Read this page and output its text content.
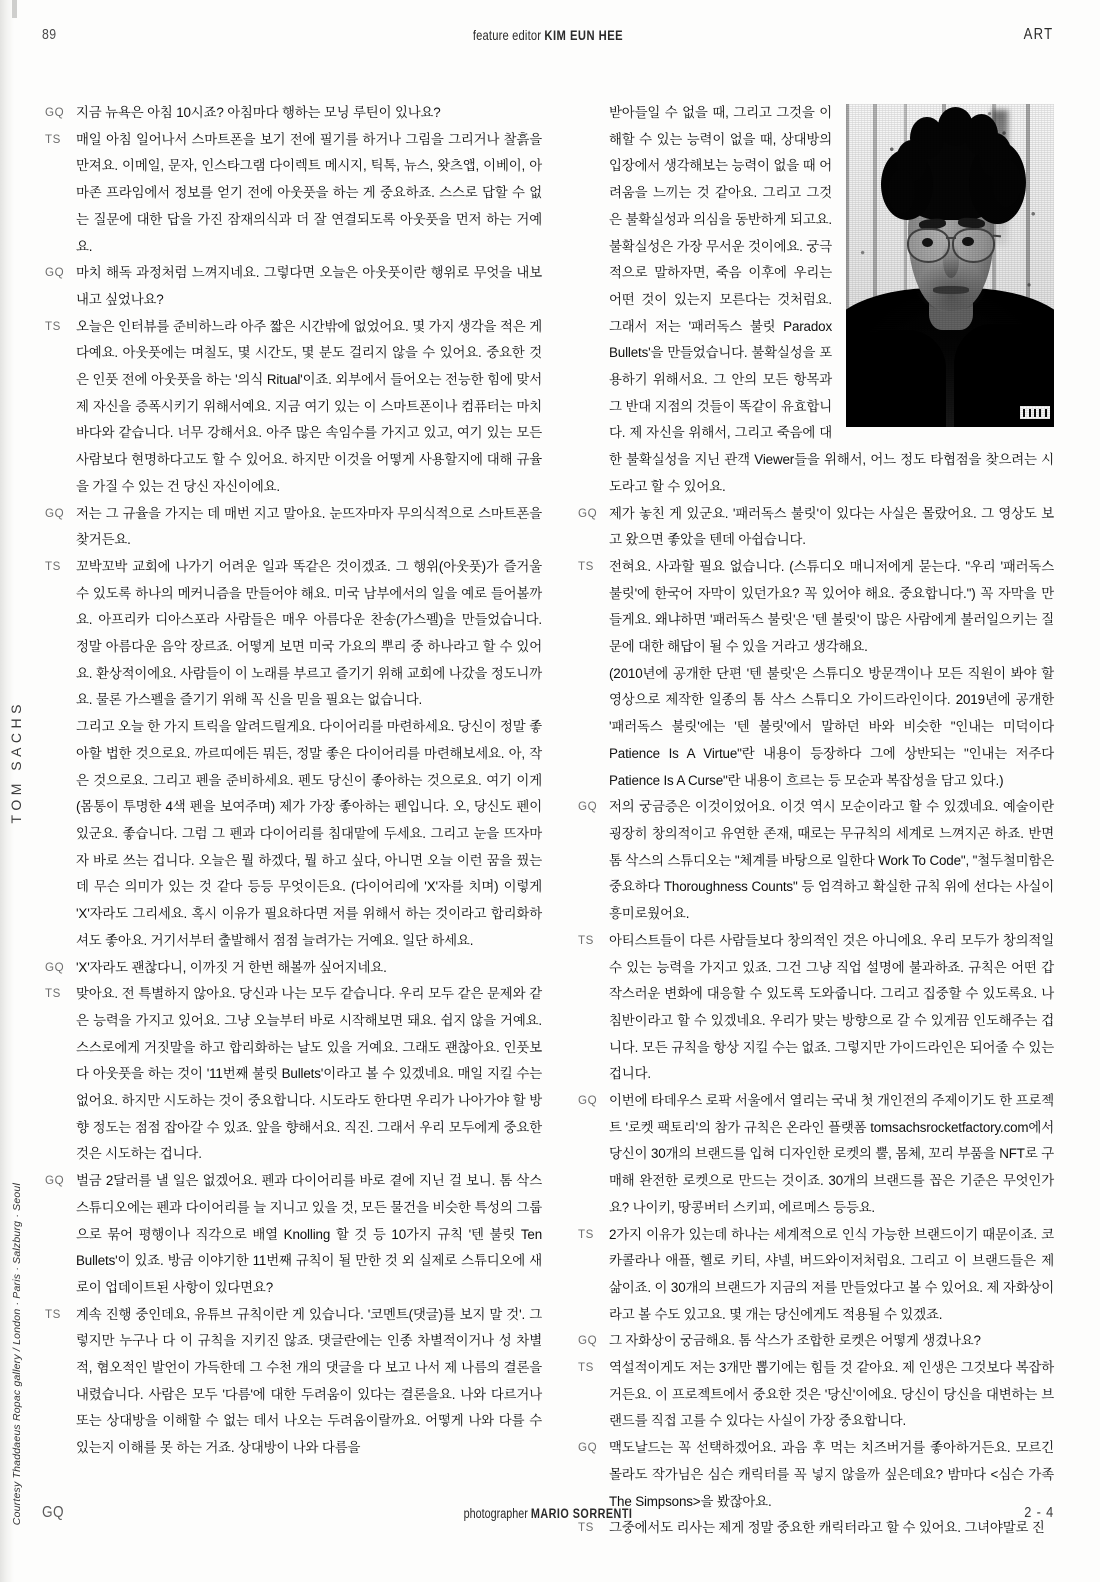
89	feature editor KIM EUN HEE	ART
TOM SACHS
Courtesy Thaddaeus Ropac gallery / London · Paris · Salzburg · Seoul
GQ 지금 뉴욕은 아침 10시죠? 아침마다 행하는 모닝 루틴이 있나요?
TS	매일 아침 일어나서 스마트폰을 보기 전에 필기를 하거나 그림을 그리거나 찰흙을 만져요. 이메일, 문자, 인스타그램 다이렉트 메시지, 틱톡, 뉴스, 왓츠앱, 이베이, 아마존 프라임에서 정보를 얻기 전에 아웃풋을 하는 게 중요하죠. 스스로 답할 수 없는 질문에 대한 답을 가진 잠재의식과 더 잘 연결되도록 아웃풋을 먼저 하는 거예요.
GQ 마치 해독 과정처럼 느껴지네요. 그렇다면 오늘은 아웃풋이란 행위로 무엇을 내보내고 싶었나요?
TS	오늘은 인터뷰를 준비하느라 아주 짧은 시간밖에 없었어요. 몇 가지 생각을 적은 게 다예요. 아웃풋에는 며칠도, 몇 시간도, 몇 분도 걸리지 않을 수 있어요. 중요한 것은 인풋 전에 아웃풋을 하는 '의식 Ritual'이죠. 외부에서 들어오는 전능한 힘에 맞서 제 자신을 증폭시키기 위해서예요. 지금 여기 있는 이 스마트폰이나 컴퓨터는 마치 바다와 같습니다. 너무 강해서요. 아주 많은 속임수를 가지고 있고, 여기 있는 모든 사람보다 현명하다고도 할 수 있어요. 하지만 이것을 어떻게 사용할지에 대해 규율을 가질 수 있는 건 당신 자신이에요.
GQ 저는 그 규율을 가지는 데 매번 지고 말아요. 눈뜨자마자 무의식적으로 스마트폰을 찾거든요.
TS	꼬박꼬박 교회에 나가기 어려운 일과 똑같은 것이겠죠. 그 행위(아웃풋)가 즐거울 수 있도록 하나의 메커니즘을 만들어야 해요. 미국 남부에서의 일을 예로 들어볼까요. 아프리카 디아스포라 사람들은 매우 아름다운 찬송(가스펠)을 만들었습니다. 정말 아름다운 음악 장르죠. 어떻게 보면 미국 가요의 뿌리 중 하나라고 할 수 있어요. 환상적이에요. 사람들이 이 노래를 부르고 즐기기 위해 교회에 나갔을 정도니까요. 물론 가스펠을 즐기기 위해 꼭 신을 믿을 필요는 없습니다.
그리고 오늘 한 가지 트릭을 알려드릴게요. 다이어리를 마련하세요. 당신이 정말 좋아할 법한 것으로요. 까르띠에든 뭐든, 정말 좋은 다이어리를 마련해보세요. 아, 작은 것으로요. 그리고 펜을 준비하세요. 펜도 당신이 좋아하는 것으로요. 여기 이게 (몸통이 투명한 4색 펜을 보여주며) 제가 가장 좋아하는 펜입니다. 오, 당신도 펜이 있군요. 좋습니다. 그럼 그 펜과 다이어리를 침대맡에 두세요. 그리고 눈을 뜨자마자 바로 쓰는 겁니다. 오늘은 뭘 하겠다, 뭘 하고 싶다, 아니면 오늘 이런 꿈을 꿨는데 무슨 의미가 있는 것 같다 등등 무엇이든요. (다이어리에 'X'자를 치며) 이렇게 'X'자라도 그리세요. 혹시 이유가 필요하다면 저를 위해서 하는 것이라고 합리화하셔도 좋아요. 거기서부터 출발해서 점점 늘려가는 거예요. 일단 하세요.
GQ 'X'자라도 괜찮다니, 이까짓 거 한번 해볼까 싶어지네요.
TS	맞아요. 전 특별하지 않아요. 당신과 나는 모두 같습니다. 우리 모두 같은 문제와 같은 능력을 가지고 있어요. 그냥 오늘부터 바로 시작해보면 돼요. 쉽지 않을 거예요. 스스로에게 거짓말을 하고 합리화하는 날도 있을 거예요. 그래도 괜찮아요. 인풋보다 아웃풋을 하는 것이 '11번째 불릿 Bullets'이라고 볼 수 있겠네요. 매일 지킬 수는 없어요. 하지만 시도하는 것이 중요합니다. 시도라도 한다면 우리가 나아가야 할 방향 정도는 점점 잡아갈 수 있죠. 앞을 향해서요. 직진. 그래서 우리 모두에게 중요한 것은 시도하는 겁니다.
GQ 벌금 2달러를 낼 일은 없겠어요. 펜과 다이어리를 바로 곁에 지닌 걸 보니. 톰 삭스 스튜디오에는 펜과 다이어리를 늘 지니고 있을 것, 모든 물건을 비슷한 특성의 그룹으로 묶어 평행이나 직각으로 배열 Knolling 할 것 등 10가지 규칙 '텐 불릿 Ten Bullets'이 있죠. 방금 이야기한 11번째 규칙이 될 만한 것 외 실제로 스튜디오에 새로이 업데이트된 사항이 있다면요?
TS	계속 진행 중인데요, 유튜브 규칙이란 게 있습니다. '코멘트(댓글)를 보지 말 것'. 그렇지만 누구나 다 이 규칙을 지키진 않죠. 댓글란에는 인종 차별적이거나 성 차별적, 혐오적인 발언이 가득한데 그 수천 개의 댓글을 다 보고 나서 제 나름의 결론을 내렸습니다. 사람은 모두 '다름'에 대한 두려움이 있다는 결론을요. 나와 다르거나 또는 상대방을 이해할 수 없는 데서 나오는 두려움이랄까요. 어떻게 나와 다를 수 있는지 이해를 못 하는 거죠. 상대방이 나와 다름을
받아들일 수 없을 때, 그리고 그것을 이해할 수 있는 능력이 없을 때, 상대방의 입장에서 생각해보는 능력이 없을 때 어려움을 느끼는 것 같아요. 그리고 그것은 불확실성과 의심을 동반하게 되고요. 불확실성은 가장 무서운 것이에요. 궁극적으로 말하자면, 죽음 이후에 우리는 어떤 것이 있는지 모른다는 것처럼요. 그래서 저는 '패러독스 불릿 Paradox Bullets'을 만들었습니다. 불확실성을 포용하기 위해서요. 그 안의 모든 항목과 그 반대 지점의 것들이 똑같이 유효합니다. 제 자신을 위해서, 그리고 죽음에 대한 불확실성을 지닌 관객 Viewer들을 위해서, 어느 정도 타협점을 찾으려는 시도라고 할 수 있어요.
GQ 제가 놓친 게 있군요. '패러독스 불릿'이 있다는 사실은 몰랐어요. 그 영상도 보고 왔으면 좋았을 텐데 아쉽습니다.
TS	전혀요. 사과할 필요 없습니다. (스튜디오 매니저에게 묻는다. "우리 '패러독스 불릿'에 한국어 자막이 있던가요? 꼭 있어야 해요. 중요합니다.") 꼭 자막을 만들게요. 왜냐하면 '패러독스 불릿'은 '텐 불릿'이 많은 사람에게 불러일으키는 질문에 대한 해답이 될 수 있을 거라고 생각해요.
(2010년에 공개한 단편 '텐 불릿'은 스튜디오 방문객이나 모든 직원이 봐야 할 영상으로 제작한 일종의 톰 삭스 스튜디오 가이드라인이다. 2019년에 공개한 '패러독스 불릿'에는 '텐 불릿'에서 말하던 바와 비슷한 "인내는 미덕이다 Patience Is A Virtue"란 내용이 등장하다 그에 상반되는 "인내는 저주다 Patience Is A Curse"란 내용이 흐르는 등 모순과 복잡성을 담고 있다.)
GQ 저의 궁금증은 이것이었어요. 이것 역시 모순이라고 할 수 있겠네요. 예술이란 굉장히 창의적이고 유연한 존재, 때로는 무규칙의 세계로 느껴지곤 하죠. 반면 톰 삭스의 스튜디오는 "체계를 바탕으로 일한다 Work To Code", "철두철미함은 중요하다 Thoroughness Counts" 등 엄격하고 확실한 규칙 위에 선다는 사실이 흥미로웠어요.
TS	아티스트들이 다른 사람들보다 창의적인 것은 아니에요. 우리 모두가 창의적일 수 있는 능력을 가지고 있죠. 그건 그냥 직업 설명에 불과하죠. 규칙은 어떤 갑작스러운 변화에 대응할 수 있도록 도와줍니다. 그리고 집중할 수 있도록요. 나침반이라고 할 수 있겠네요. 우리가 맞는 방향으로 갈 수 있게끔 인도해주는 겁니다. 모든 규칙을 항상 지킬 수는 없죠. 그렇지만 가이드라인은 되어줄 수 있는 겁니다.
GQ 이번에 타데우스 로팍 서울에서 열리는 국내 첫 개인전의 주제이기도 한 프로젝트 '로켓 팩토리'의 참가 규칙은 온라인 플랫폼 tomsachsrocketfactory.com에서 당신이 30개의 브랜드를 입혀 디자인한 로켓의 뿔, 몸체, 꼬리 부품을 NFT로 구매해 완전한 로켓으로 만드는 것이죠. 30개의 브랜드를 꼽은 기준은 무엇인가요? 나이키, 땅콩버터 스키피, 에르메스 등등요.
TS	2가지 이유가 있는데 하나는 세계적으로 인식 가능한 브랜드이기 때문이죠. 코카콜라나 애플, 헬로 키티, 샤넬, 버드와이저처럼요. 그리고 이 브랜드들은 제 삶이죠. 이 30개의 브랜드가 지금의 저를 만들었다고 볼 수 있어요. 제 자화상이라고 볼 수도 있고요. 몇 개는 당신에게도 적용될 수 있겠죠.
GQ 그 자화상이 궁금해요. 톰 삭스가 조합한 로켓은 어떻게 생겼나요?
TS	역설적이게도 저는 3개만 뽑기에는 힘들 것 같아요. 제 인생은 그것보다 복잡하거든요. 이 프로젝트에서 중요한 것은 '당신'이에요. 당신이 당신을 대변하는 브랜드를 직접 고를 수 있다는 사실이 가장 중요합니다.
GQ 맥도날드는 꼭 선택하겠어요. 과음 후 먹는 치즈버거를 좋아하거든요. 모르긴 몰라도 작가님은 심슨 캐릭터를 꼭 넣지 않을까 싶은데요? 밤마다 <심슨 가족 The Simpsons>을 봤잖아요.
TS	그중에서도 리사는 제게 정말 중요한 캐릭터라고 할 수 있어요. 그녀야말로 진
GQ	photographer MARIO SORRENTI	2 - 4
